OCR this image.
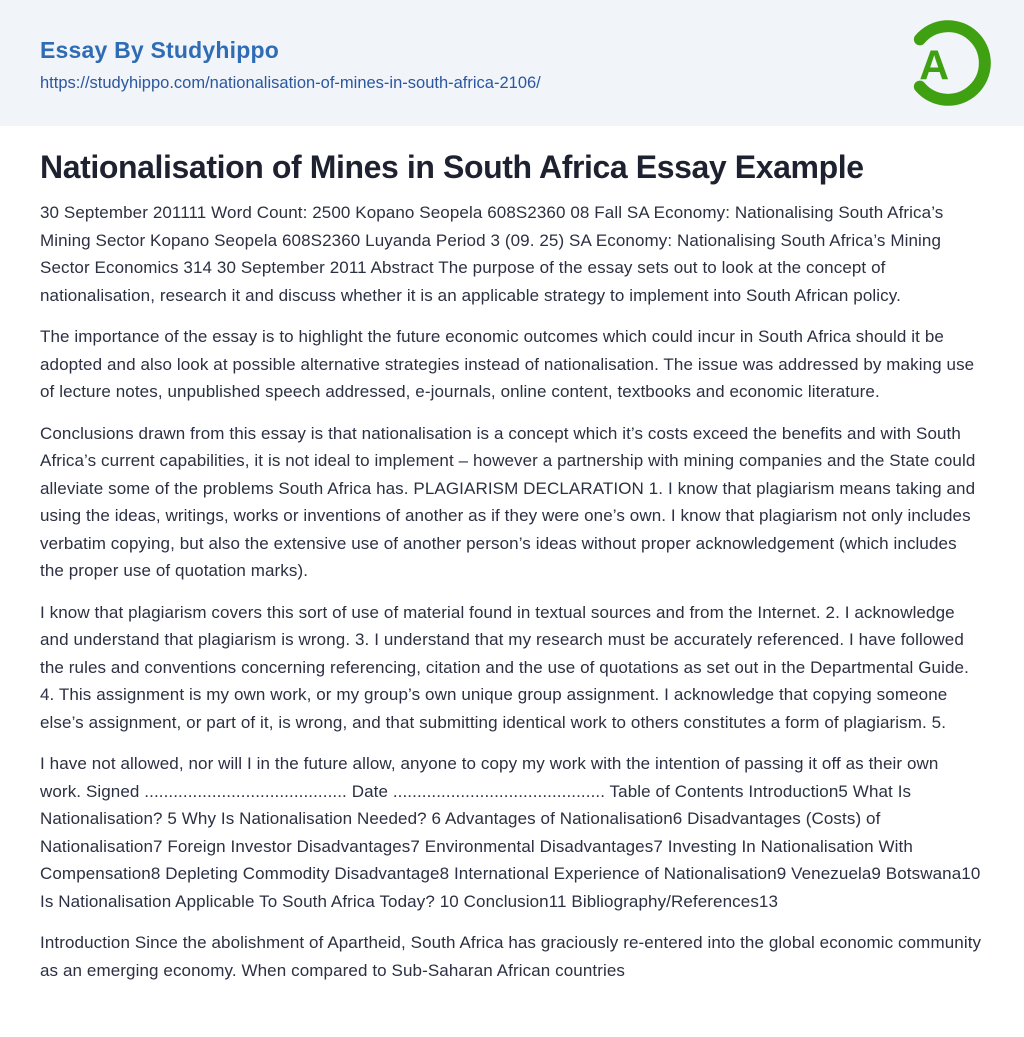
Essay By Studyhippo
https://studyhippo.com/nationalisation-of-mines-in-south-africa-2106/	A
Nationalisation of Mines in South Africa Essay Example

30 September 201111 Word Count: 2500 Kopano Seopela 608S2360 08 Fall SA Economy: Nationalising South Africa’s Mining Sector Kopano Seopela 608S2360 Luyanda Period 3 (09. 25) SA Economy: Nationalising South Africa’s Mining Sector Economics 314 30 September 2011 Abstract The purpose of the essay sets out to look at the concept of nationalisation, research it and discuss whether it is an applicable strategy to implement into South African policy.

The importance of the essay is to highlight the future economic outcomes which could incur in South Africa should it be adopted and also look at possible alternative strategies instead of nationalisation. The issue was addressed by making use of lecture notes, unpublished speech addressed, e-journals, online content, textbooks and economic literature.

Conclusions drawn from this essay is that nationalisation is a concept which it’s costs exceed the benefits and with South Africa’s current capabilities, it is not ideal to implement – however a partnership with mining companies and the State could alleviate some of the problems South Africa has. PLAGIARISM DECLARATION 1. I know that plagiarism means taking and using the ideas, writings, works or inventions of another as if they were one’s own. I know that plagiarism not only includes verbatim copying, but also the extensive use of another person’s ideas without proper acknowledgement (which includes the proper use of quotation marks).

I know that plagiarism covers this sort of use of material found in textual sources and from the Internet. 2. I acknowledge and understand that plagiarism is wrong. 3. I understand that my research must be accurately referenced. I have followed the rules and conventions concerning referencing, citation and the use of quotations as set out in the Departmental Guide. 4. This assignment is my own work, or my group’s own unique group assignment. I acknowledge that copying someone else’s assignment, or part of it, is wrong, and that submitting identical work to others constitutes a form of plagiarism. 5.

I have not allowed, nor will I in the future allow, anyone to copy my work with the intention of passing it off as their own work. Signed .......................................... Date ............................................ Table of Contents Introduction5 What Is Nationalisation? 5 Why Is Nationalisation Needed? 6 Advantages of Nationalisation6 Disadvantages (Costs) of Nationalisation7 Foreign Investor Disadvantages7 Environmental Disadvantages7 Investing In Nationalisation With Compensation8 Depleting Commodity Disadvantage8 International Experience of Nationalisation9 Venezuela9 Botswana10 Is Nationalisation Applicable To South Africa Today? 10 Conclusion11 Bibliography/References13

Introduction Since the abolishment of Apartheid, South Africa has graciously re-entered into the global economic community as an emerging economy. When compared to Sub-Saharan African countries
